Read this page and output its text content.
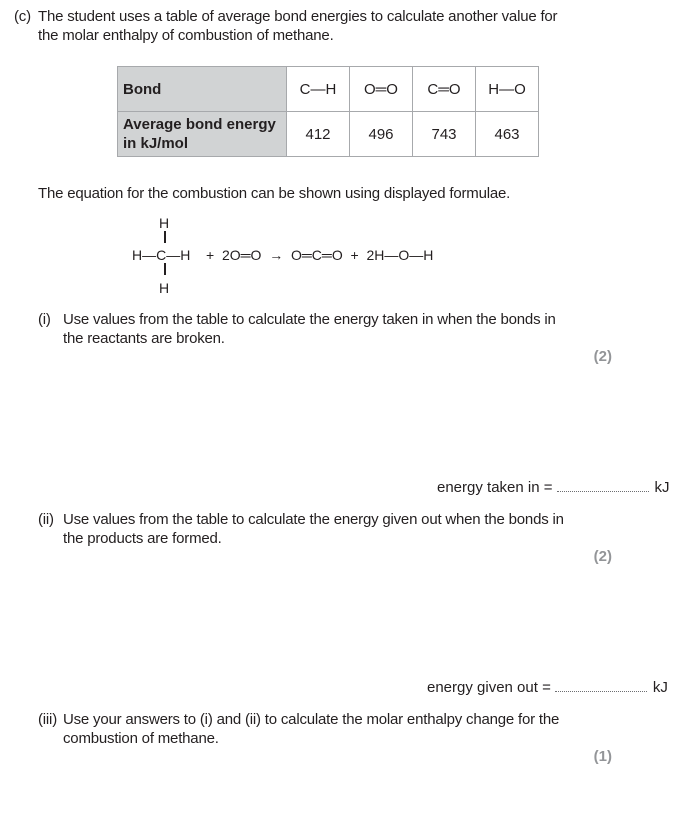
(c) The student uses a table of average bond energies to calculate another value for
the molar enthalpy of combustion of methane.
Bond	C—H	O═O	C═O	H—O

Average bond energy
in kJ/mol	412	496	743	463
The equation for the combustion can be shown using displayed formulae.
H
H—C—H
H
+  2O═O  →  O═C═O  +  2H—O—H
(i) Use values from the table to calculate the energy taken in when the bonds in
the reactants are broken.
(2)
energy taken in =	kJ
(ii) Use values from the table to calculate the energy given out when the bonds in
the products are formed.
(2)
energy given out =	kJ
(iii) Use your answers to (i) and (ii) to calculate the molar enthalpy change for the
combustion of methane.
(1)
